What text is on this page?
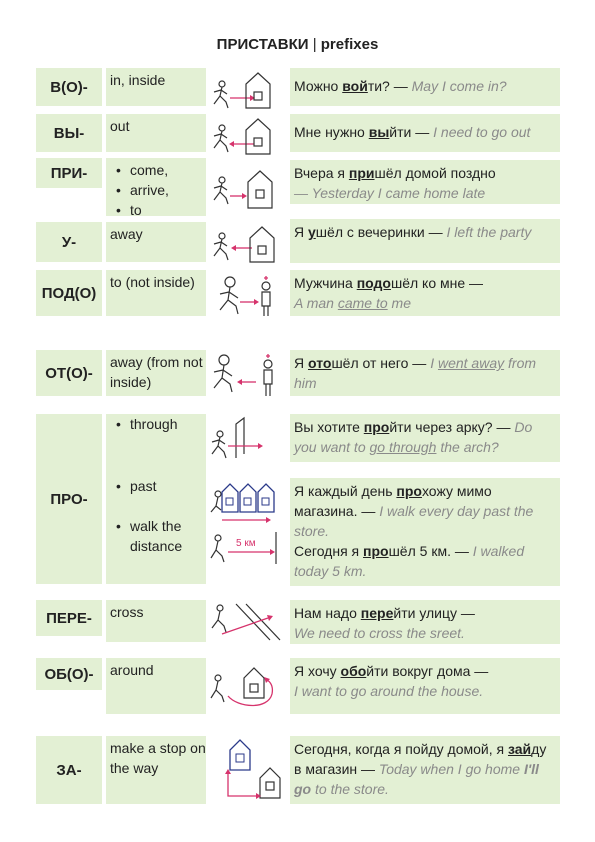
ПРИСТАВКИ | prefixes
В(О)-	in, inside	Можно войти? — May I come in?
ВЫ-	out	Мне нужно выйти — I need to go out
ПРИ-
•	come,
• arrive,
• to

Вчера я пришёл домой поздно

— Yesterday I came home late

У-	away	Я ушёл с вечеринки — I left the party
ПОД(О)
to (not inside)	Мужчина подошёл ко мне —

A man came to me

ОТ(О)-
away (from not inside)
Я отошёл от него — I went away from him
ПРО-
• through
• past
• walk the distance	5 км
Вы хотите пройти через арку? — Do you want to go through the arch?

Я каждый день прохожу мимо магазина. — I walk every day past the store.

Сегодня я прошёл 5 км. — I walked today 5 km.

ПЕРЕ-	cross	Нам надо перейти улицу —

We need to cross the sreet.

ОБ(О)-	around	Я хочу обойти вокруг дома —

I want to go around the house.

ЗА-
make a stop on the way
Сегодня, когда я пойду домой, я зайду в магазин — Today when I go home I'll go to the store.
